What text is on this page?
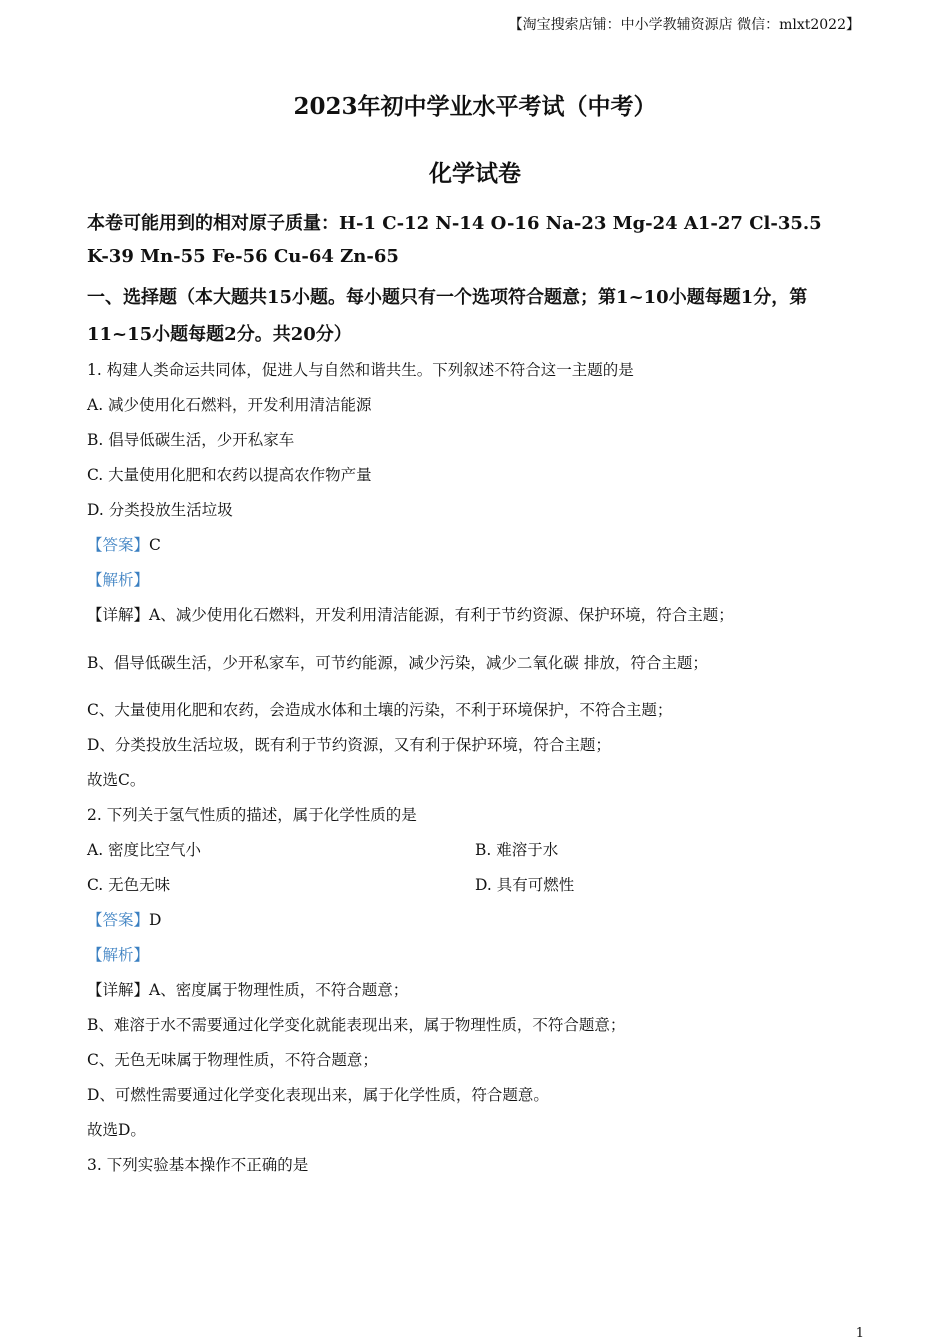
【淘宝搜索店铺：中小学教辅资源店 微信：mlxt2022】
2023年初中学业水平考试（中考）
化学试卷
本卷可能用到的相对原子质量：H-1 C-12 N-14 O-16 Na-23 Mg-24 A1-27 Cl-35.5
K-39 Mn-55 Fe-56 Cu-64 Zn-65
一、选择题（本大题共15小题。每小题只有一个选项符合题意；第1~10小题每题1分，第
11~15小题每题2分。共20分）
1. 构建人类命运共同体，促进人与自然和谐共生。下列叙述不符合这一主题的是
A. 减少使用化石燃料，开发利用清洁能源
B. 倡导低碳生活，少开私家车
C. 大量使用化肥和农药以提高农作物产量
D. 分类投放生活垃圾
【答案】C
【解析】
【详解】A、减少使用化石燃料，开发利用清洁能源，有利于节约资源、保护环境，符合主题；
B、倡导低碳生活，少开私家车，可节约能源，减少污染，减少二氧化碳 排放，符合主题；
C、大量使用化肥和农药，会造成水体和土壤的污染，不利于环境保护，不符合主题；
D、分类投放生活垃圾，既有利于节约资源，又有利于保护环境，符合主题；
故选C。
2. 下列关于氢气性质的描述，属于化学性质的是
A. 密度比空气小	B. 难溶于水
C. 无色无味	D. 具有可燃性
【答案】D
【解析】
【详解】A、密度属于物理性质，不符合题意；
B、难溶于水不需要通过化学变化就能表现出来，属于物理性质，不符合题意；
C、无色无味属于物理性质，不符合题意；
D、可燃性需要通过化学变化表现出来，属于化学性质，符合题意。
故选D。
3. 下列实验基本操作不正确的是
1
